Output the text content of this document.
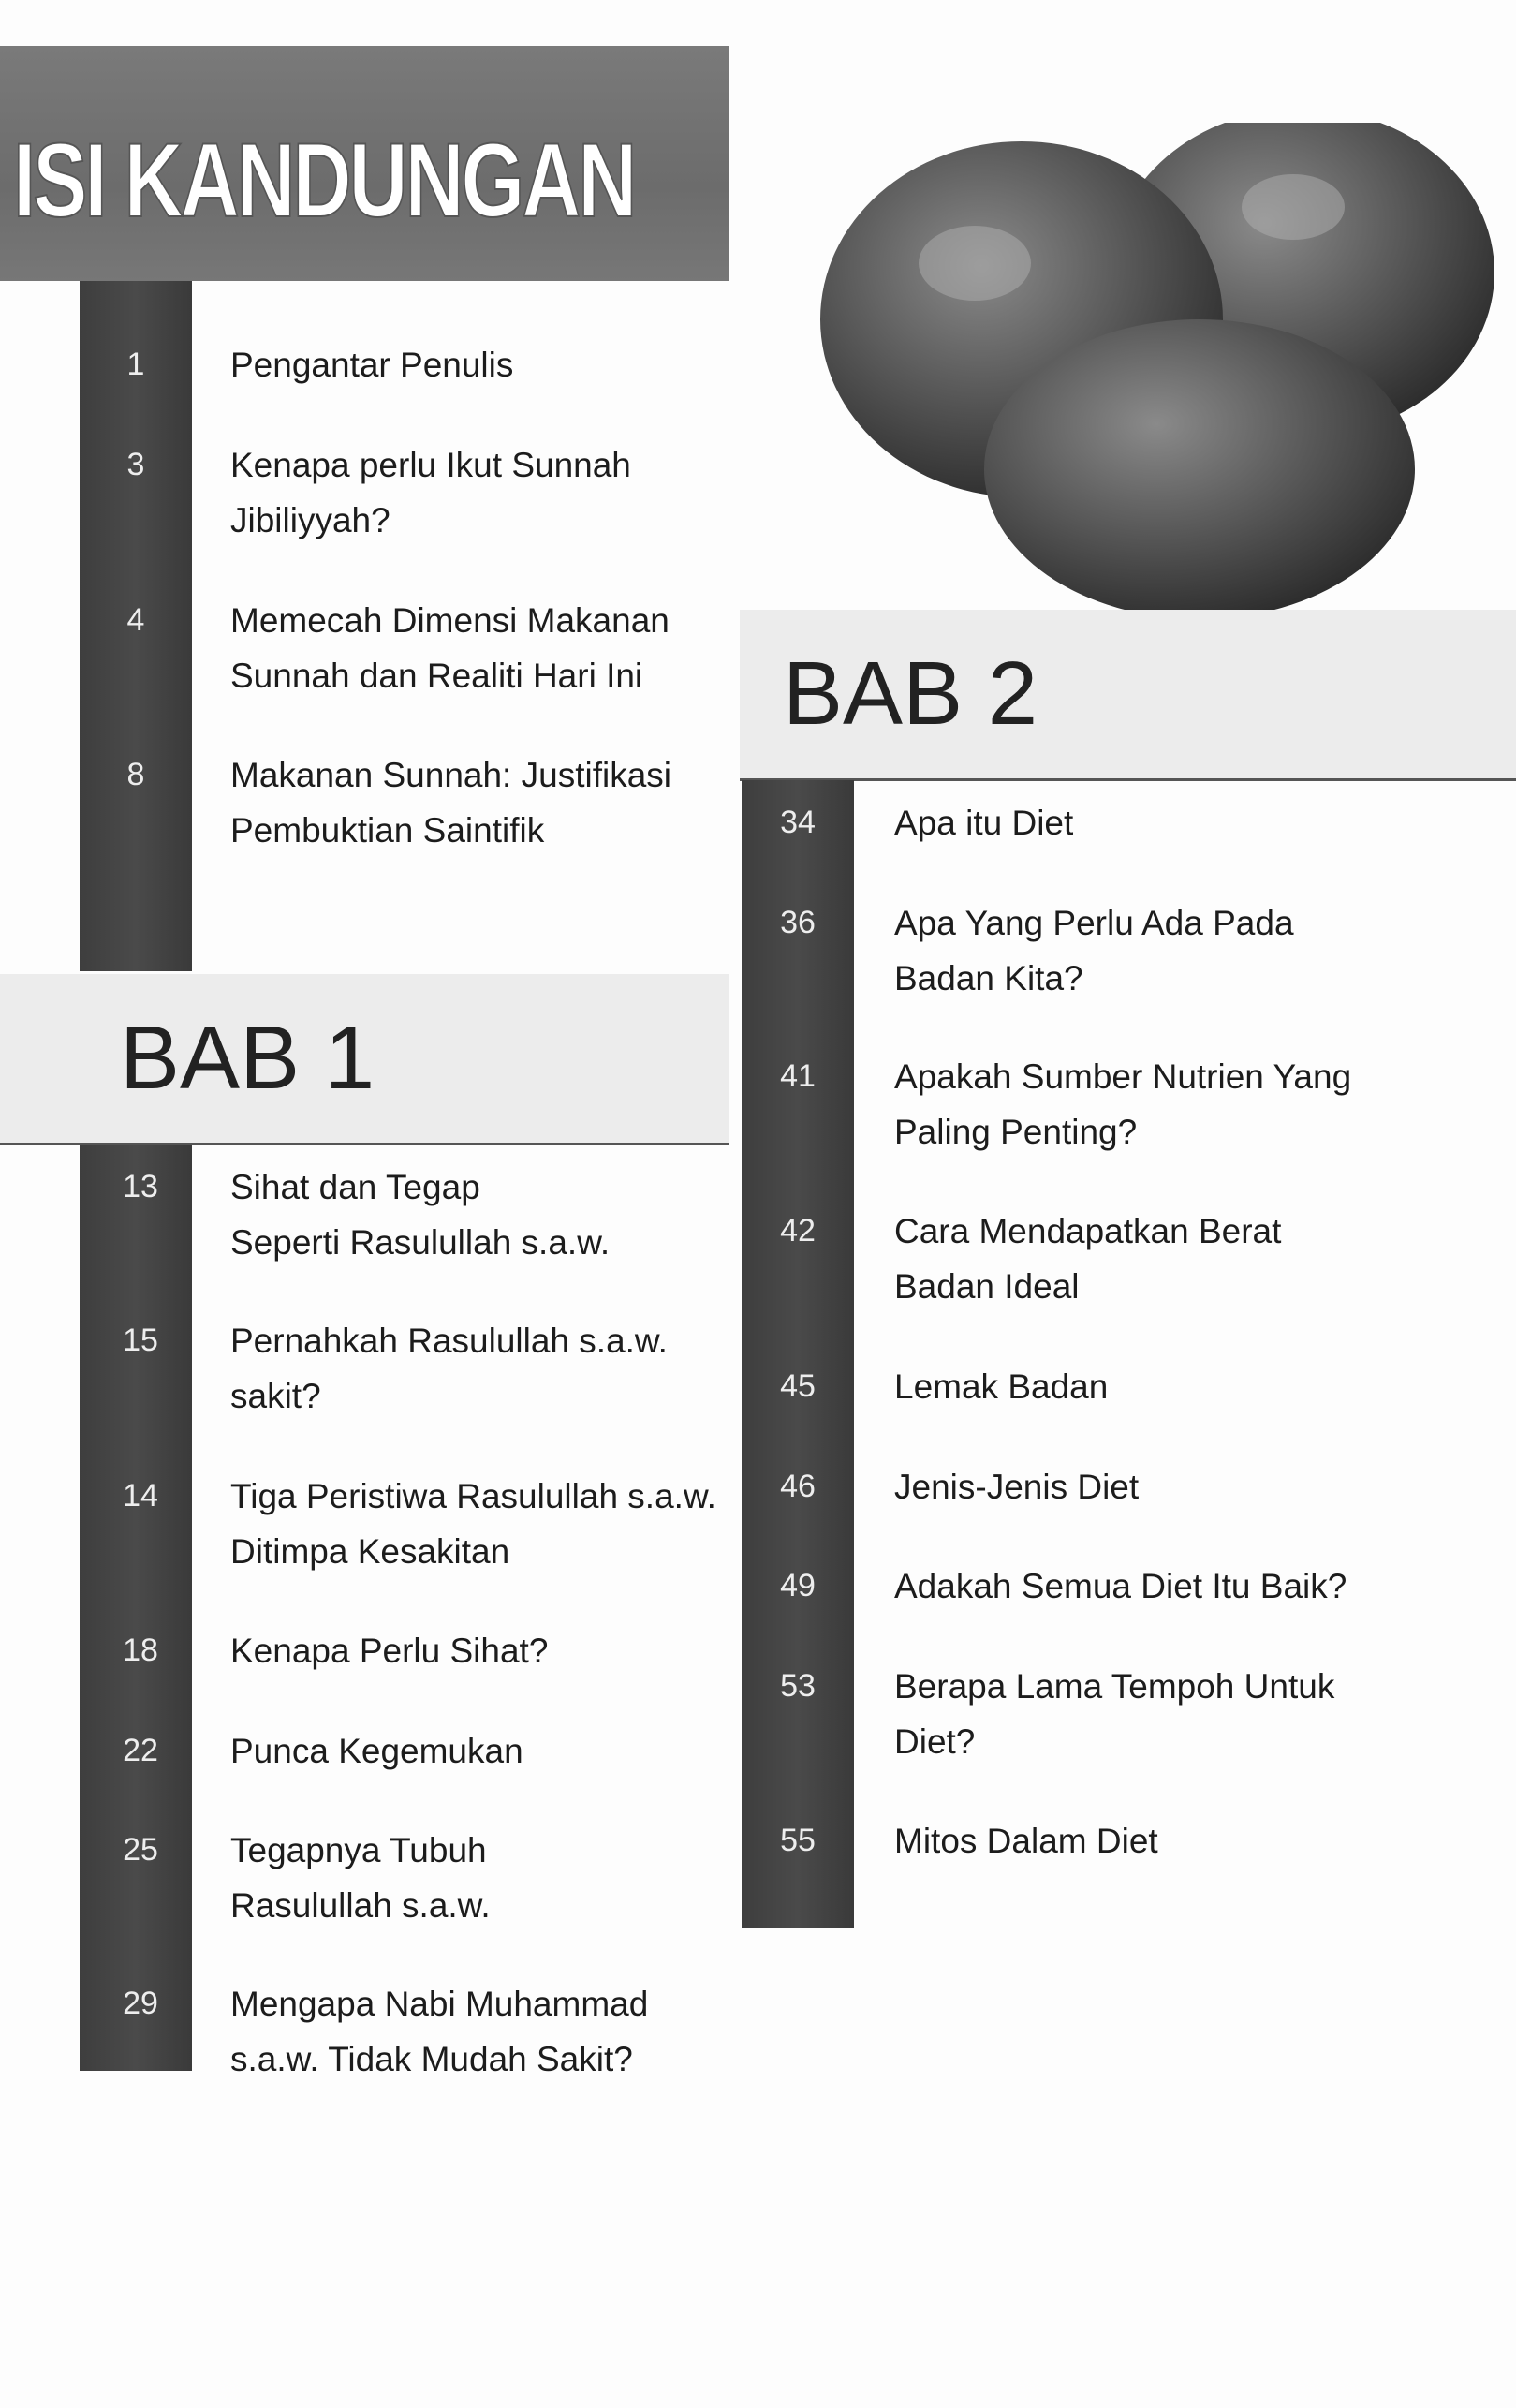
ISI KANDUNGAN
BAB 1
BAB 2
1	Pengantar Penulis
3	Kenapa perlu Ikut Sunnah
Jibiliyyah?
4	Memecah Dimensi Makanan
Sunnah dan Realiti Hari Ini
8	Makanan Sunnah: Justifikasi
Pembuktian Saintifik
13	Sihat dan Tegap
Seperti Rasulullah s.a.w.
15	Pernahkah Rasulullah s.a.w.
sakit?
14	Tiga Peristiwa Rasulullah s.a.w.
Ditimpa Kesakitan
18	Kenapa Perlu Sihat?
22	Punca Kegemukan
25	Tegapnya Tubuh
Rasulullah s.a.w.
29	Mengapa Nabi Muhammad
s.a.w. Tidak Mudah Sakit?
34	Apa itu Diet
36	Apa Yang Perlu Ada Pada
Badan Kita?
41	Apakah Sumber Nutrien Yang
Paling Penting?
42	Cara Mendapatkan Berat
Badan Ideal
45	Lemak Badan
46	Jenis-Jenis Diet
49	Adakah Semua Diet Itu Baik?
53	Berapa Lama Tempoh Untuk
Diet?
55	Mitos Dalam Diet
